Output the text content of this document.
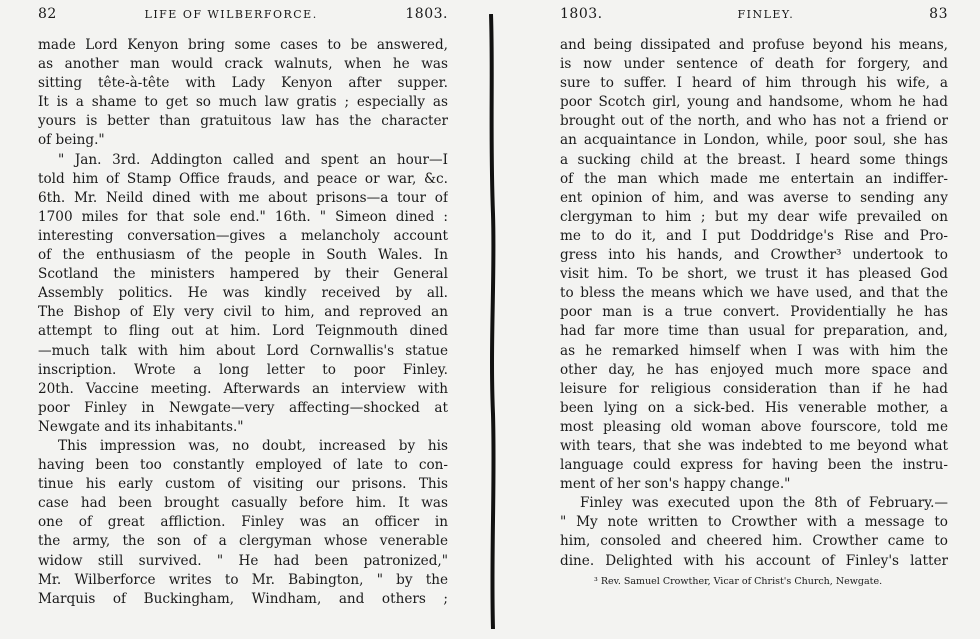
82	LIFE OF WILBERFORCE.	1803.
made Lord Kenyon bring some cases to be answered,
as another man would crack walnuts, when he was
sitting tête-à-tête with Lady Kenyon after supper.
It is a shame to get so much law gratis ; especially as
yours is better than gratuitous law has the character
of being."
" Jan. 3rd. Addington called and spent an hour—I
told him of Stamp Office frauds, and peace or war, &c.
6th. Mr. Neild dined with me about prisons—a tour of
1700 miles for that sole end." 16th. " Simeon dined :
interesting conversation—gives a melancholy account
of the enthusiasm of the people in South Wales. In
Scotland the ministers hampered by their General
Assembly politics. He was kindly received by all.
The Bishop of Ely very civil to him, and reproved an
attempt to fling out at him. Lord Teignmouth dined
—much talk with him about Lord Cornwallis's statue
inscription. Wrote a long letter to poor Finley.
20th. Vaccine meeting. Afterwards an interview with
poor Finley in Newgate—very affecting—shocked at
Newgate and its inhabitants."
This impression was, no doubt, increased by his
having been too constantly employed of late to con-
tinue his early custom of visiting our prisons. This
case had been brought casually before him. It was
one of great affliction. Finley was an officer in
the army, the son of a clergyman whose venerable
widow still survived. " He had been patronized,"
Mr. Wilberforce writes to Mr. Babington, " by the
Marquis of Buckingham, Windham, and others ;
1803.	FINLEY.	83
and being dissipated and profuse beyond his means,
is now under sentence of death for forgery, and
sure to suffer. I heard of him through his wife, a
poor Scotch girl, young and handsome, whom he had
brought out of the north, and who has not a friend or
an acquaintance in London, while, poor soul, she has
a sucking child at the breast. I heard some things
of the man which made me entertain an indiffer-
ent opinion of him, and was averse to sending any
clergyman to him ; but my dear wife prevailed on
me to do it, and I put Doddridge's Rise and Pro-
gress into his hands, and Crowther³ undertook to
visit him. To be short, we trust it has pleased God
to bless the means which we have used, and that the
poor man is a true convert. Providentially he has
had far more time than usual for preparation, and,
as he remarked himself when I was with him the
other day, he has enjoyed much more space and
leisure for religious consideration than if he had
been lying on a sick-bed. His venerable mother, a
most pleasing old woman above fourscore, told me
with tears, that she was indebted to me beyond what
language could express for having been the instru-
ment of her son's happy change."
Finley was executed upon the 8th of February.—
" My note written to Crowther with a message to
him, consoled and cheered him. Crowther came to
dine. Delighted with his account of Finley's latter
³ Rev. Samuel Crowther, Vicar of Christ's Church, Newgate.
